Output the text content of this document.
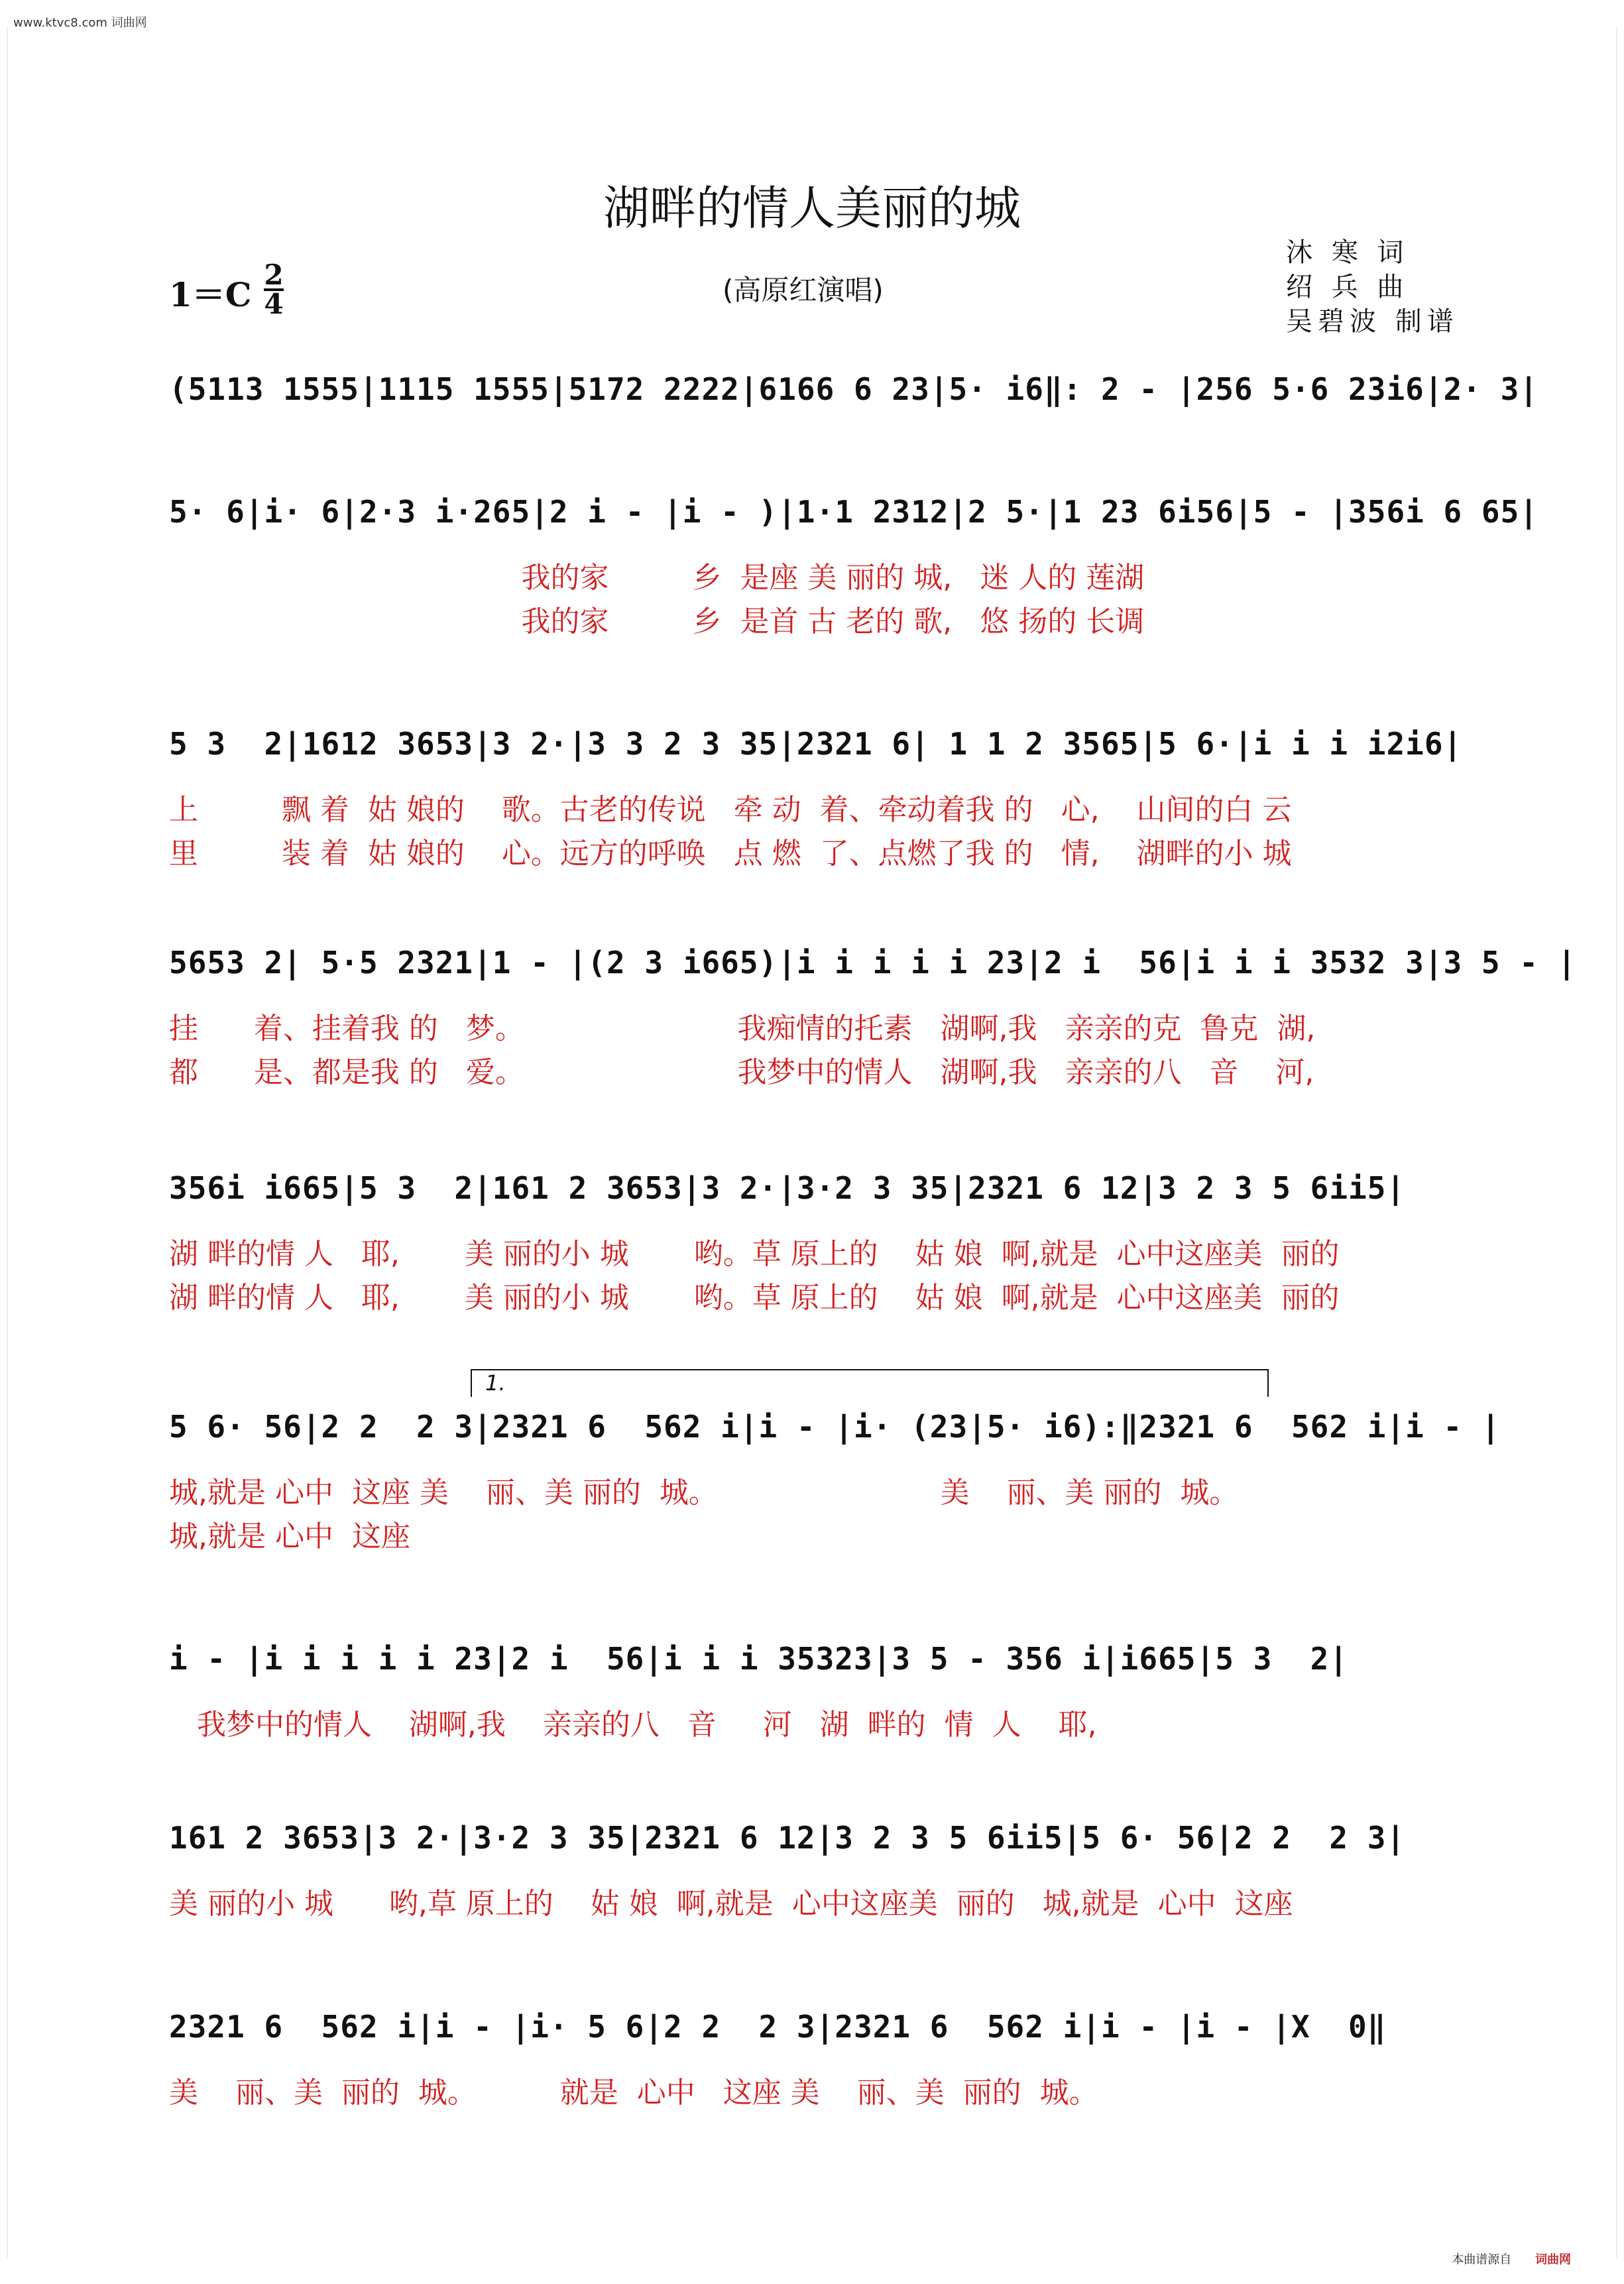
www.ktvc8.com 词曲网
湖畔的情人美丽的城
1＝C
2
4	(高原红演唱)
沐 寒 词
绍 兵 曲
吴碧波 制谱
(5113 1555|1115 1555|5172 2222|6166 6 23|5· i6‖: 2 - |256 5·6 23i6|2· 3|
5· 6|i· 6|2·3 i·265|2 i - |i - )|1·1 2312|2 5·|1 23 6i56|5 - |356i 6 65|
我的家         乡  是座 美 丽的 城,   迷 人的 莲湖
我的家         乡  是首 古 老的 歌,   悠 扬的 长调
5 3  2|1612 3653|3 2·|3 3 2 3 35|2321 6| 1 1 2 3565|5 6·|i i i i2i6|
上         飘 着  姑 娘的    歌。古老的传说   牵 动  着、牵动着我 的   心,    山间的白 云
里         装 着  姑 娘的    心。远方的呼唤   点 燃  了、点燃了我 的   情,    湖畔的小 城
5653 2| 5·5 2321|1 - |(2 3 i665)|i i i i i 23|2 i  56|i i i 3532 3|3 5 - |
挂      着、挂着我 的   梦。                       我痴情的托素   湖啊,我   亲亲的克  鲁克  湖,
都      是、都是我 的   爱。                       我梦中的情人   湖啊,我   亲亲的八   音    河,
356i i665|5 3  2|161 2 3653|3 2·|3·2 3 35|2321 6 12|3 2 3 5 6ii5|
湖 畔的情 人   耶,       美 丽的小 城       哟。草 原上的    姑 娘  啊,就是  心中这座美  丽的
湖 畔的情 人   耶,       美 丽的小 城       哟。草 原上的    姑 娘  啊,就是  心中这座美  丽的
1.
5 6· 56|2 2  2 3|2321 6  562 i|i - |i· (23|5· i6):‖2321 6  562 i|i - |
城,就是 心中  这座 美    丽、美 丽的  城。                        美    丽、美 丽的  城。
城,就是 心中  这座
i - |i i i i i 23|2 i  56|i i i 35323|3 5 - 356 i|i665|5 3  2|
我梦中的情人    湖啊,我    亲亲的八   音     河   湖  畔的  情  人    耶,
161 2 3653|3 2·|3·2 3 35|2321 6 12|3 2 3 5 6ii5|5 6· 56|2 2  2 3|
美 丽的小 城      哟,草 原上的    姑 娘  啊,就是  心中这座美  丽的   城,就是  心中  这座
2321 6  562 i|i - |i· 5 6|2 2  2 3|2321 6  562 i|i - |i - |X  0‖
美    丽、美  丽的  城。         就是  心中   这座 美    丽、美  丽的  城。
本曲谱源自 词曲网
